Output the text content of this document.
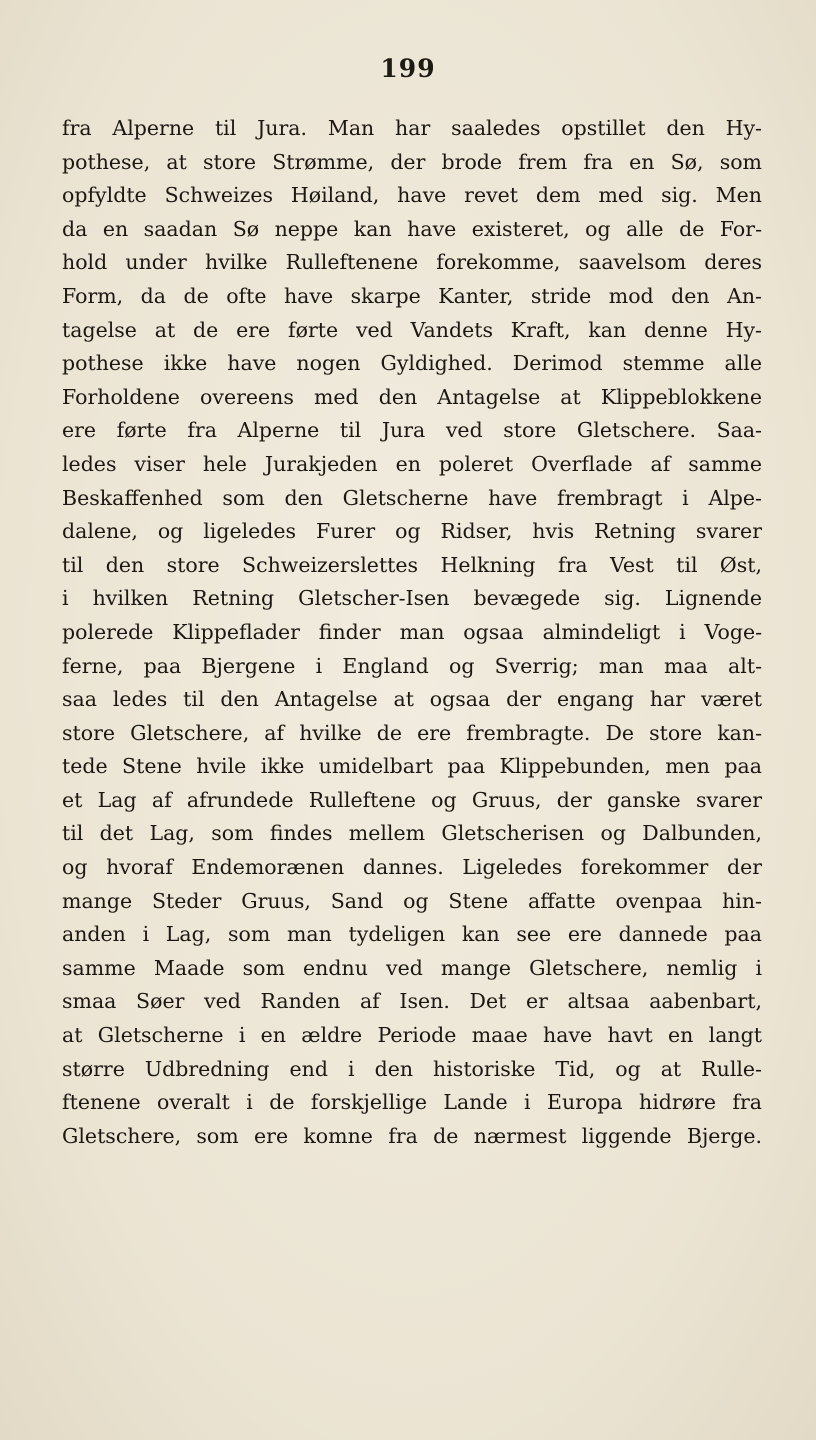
199
fra Alperne til Jura. Man har saaledes opstillet den Hy-
pothese, at store Strømme, der brode frem fra en Sø, som
opfyldte Schweizes Høiland, have revet dem med sig. Men
da en saadan Sø neppe kan have existeret, og alle de For-
hold under hvilke Rulleftenene forekomme, saavelsom deres
Form, da de ofte have skarpe Kanter, stride mod den An-
tagelse at de ere førte ved Vandets Kraft, kan denne Hy-
pothese ikke have nogen Gyldighed. Derimod stemme alle
Forholdene overeens med den Antagelse at Klippeblokkene
ere førte fra Alperne til Jura ved store Gletschere. Saa-
ledes viser hele Jurakjeden en poleret Overflade af samme
Beskaffenhed som den Gletscherne have frembragt i Alpe-
dalene, og ligeledes Furer og Ridser, hvis Retning svarer
til den store Schweizerslettes Helkning fra Vest til Øst,
i hvilken Retning Gletscher-Isen bevægede sig. Lignende
polerede Klippeflader finder man ogsaa almindeligt i Voge-
ferne, paa Bjergene i England og Sverrig; man maa alt-
saa ledes til den Antagelse at ogsaa der engang har været
store Gletschere, af hvilke de ere frembragte. De store kan-
tede Stene hvile ikke umidelbart paa Klippebunden, men paa
et Lag af afrundede Rulleftene og Gruus, der ganske svarer
til det Lag, som findes mellem Gletscherisen og Dalbunden,
og hvoraf Endemorænen dannes. Ligeledes forekommer der
mange Steder Gruus, Sand og Stene affatte ovenpaa hin-
anden i Lag, som man tydeligen kan see ere dannede paa
samme Maade som endnu ved mange Gletschere, nemlig i
smaa Søer ved Randen af Isen. Det er altsaa aabenbart,
at Gletscherne i en ældre Periode maae have havt en langt
større Udbredning end i den historiske Tid, og at Rulle-
ftenene overalt i de forskjellige Lande i Europa hidrøre fra
Gletschere, som ere komne fra de nærmest liggende Bjerge.
